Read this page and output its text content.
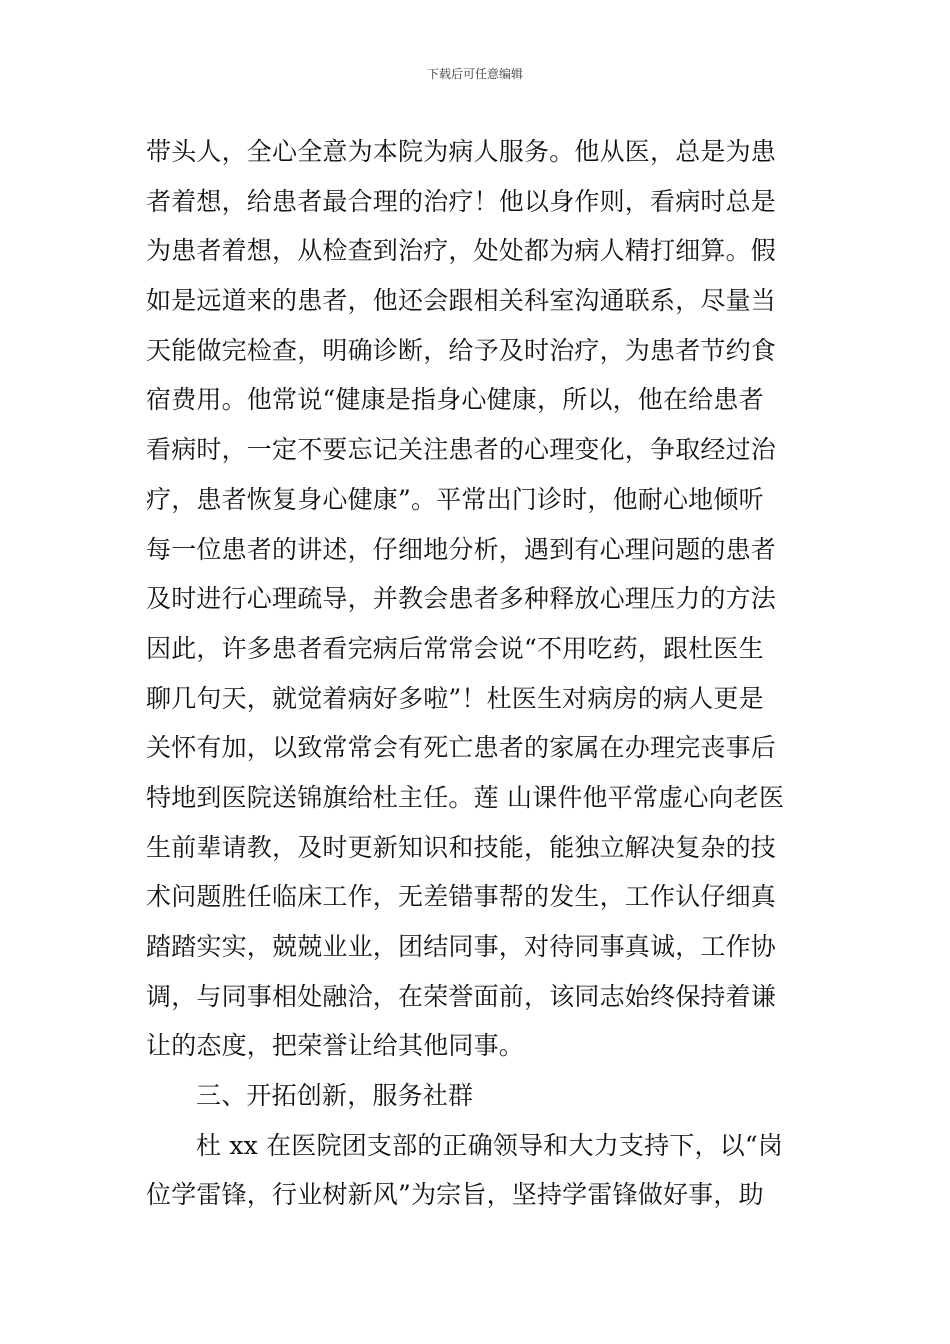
下载后可任意编辑
带头人，全心全意为本院为病人服务。他从医，总是为患
者着想，给患者最合理的治疗！他以身作则，看病时总是
为患者着想，从检查到治疗，处处都为病人精打细算。假
如是远道来的患者，他还会跟相关科室沟通联系，尽量当
天能做完检查，明确诊断，给予及时治疗，为患者节约食
宿费用。他常说“健康是指身心健康，所以，他在给患者
看病时，一定不要忘记关注患者的心理变化，争取经过治
疗，患者恢复身心健康”。平常出门诊时，他耐心地倾听
每一位患者的讲述，仔细地分析，遇到有心理问题的患者
及时进行心理疏导，并教会患者多种释放心理压力的方法
因此，许多患者看完病后常常会说“不用吃药，跟杜医生
聊几句天，就觉着病好多啦”！杜医生对病房的病人更是
关怀有加，以致常常会有死亡患者的家属在办理完丧事后
特地到医院送锦旗给杜主任。莲 山课件他平常虚心向老医
生前辈请教，及时更新知识和技能，能独立解决复杂的技
术问题胜任临床工作，无差错事帮的发生，工作认仔细真
踏踏实实，兢兢业业，团结同事，对待同事真诚，工作协
调，与同事相处融洽，在荣誉面前，该同志始终保持着谦
让的态度，把荣誉让给其他同事。
三、开拓创新，服务社群
杜 xx 在医院团支部的正确领导和大力支持下，以“岗
位学雷锋，行业树新风”为宗旨，坚持学雷锋做好事，助
